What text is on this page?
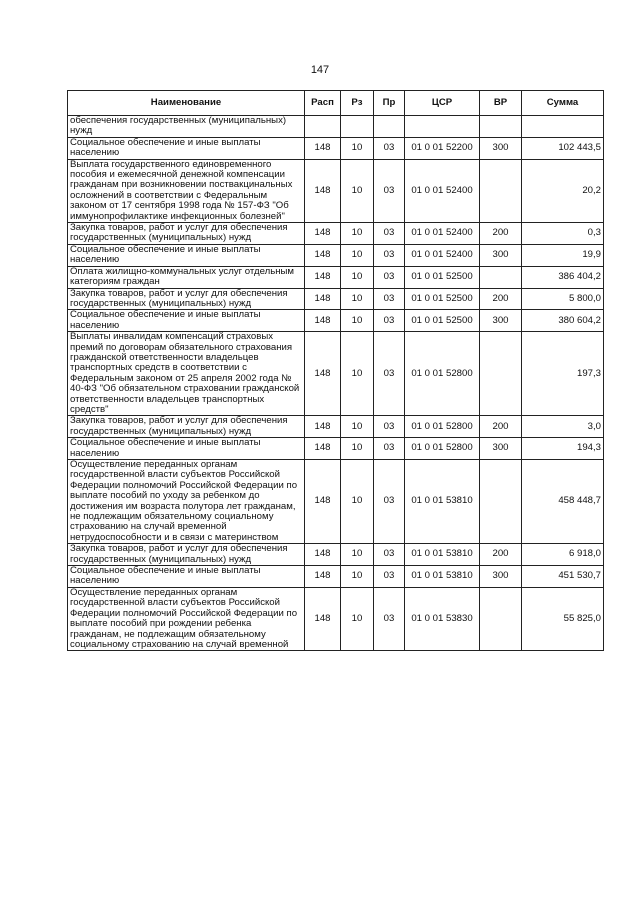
147
Наименование	Расп	Рз	Пр	ЦСР	ВР	Сумма
обеспечения государственных (муниципальных) нужд						
Социальное обеспечение и иные выплаты населению	148	10	03	01 0 01 52200	300	102 443,5
Выплата государственного единовременного пособия и ежемесячной денежной компенсации гражданам при возникновении поствакцинальных осложнений в соответствии с Федеральным законом от 17 сентября 1998 года № 157-ФЗ "Об иммунопрофилактике инфекционных болезней"	148	10	03	01 0 01 52400		20,2
Закупка товаров, работ и услуг для обеспечения государственных (муниципальных) нужд	148	10	03	01 0 01 52400	200	0,3
Социальное обеспечение и иные выплаты населению	148	10	03	01 0 01 52400	300	19,9
Оплата жилищно-коммунальных услуг отдельным категориям граждан	148	10	03	01 0 01 52500		386 404,2
Закупка товаров, работ и услуг для обеспечения государственных (муниципальных) нужд	148	10	03	01 0 01 52500	200	5 800,0
Социальное обеспечение и иные выплаты населению	148	10	03	01 0 01 52500	300	380 604,2
Выплаты инвалидам компенсаций страховых премий по договорам обязательного страхования гражданской ответственности владельцев транспортных средств в соответствии с Федеральным законом от 25 апреля 2002 года № 40-ФЗ "Об обязательном страховании гражданской ответственности владельцев транспортных средств"	148	10	03	01 0 01 52800		197,3
Закупка товаров, работ и услуг для обеспечения государственных (муниципальных) нужд	148	10	03	01 0 01 52800	200	3,0
Социальное обеспечение и иные выплаты населению	148	10	03	01 0 01 52800	300	194,3
Осуществление переданных органам государственной власти субъектов Российской Федерации полномочий Российской Федерации по выплате пособий по уходу за ребенком до достижения им возраста полутора лет гражданам, не подлежащим обязательному социальному страхованию на случай временной нетрудоспособности и в связи с материнством	148	10	03	01 0 01 53810		458 448,7
Закупка товаров, работ и услуг для обеспечения государственных (муниципальных) нужд	148	10	03	01 0 01 53810	200	6 918,0
Социальное обеспечение и иные выплаты населению	148	10	03	01 0 01 53810	300	451 530,7
Осуществление переданных органам государственной власти субъектов Российской Федерации полномочий Российской Федерации по выплате пособий при рождении ребенка гражданам, не подлежащим обязательному социальному страхованию на случай временной	148	10	03	01 0 01 53830		55 825,0
